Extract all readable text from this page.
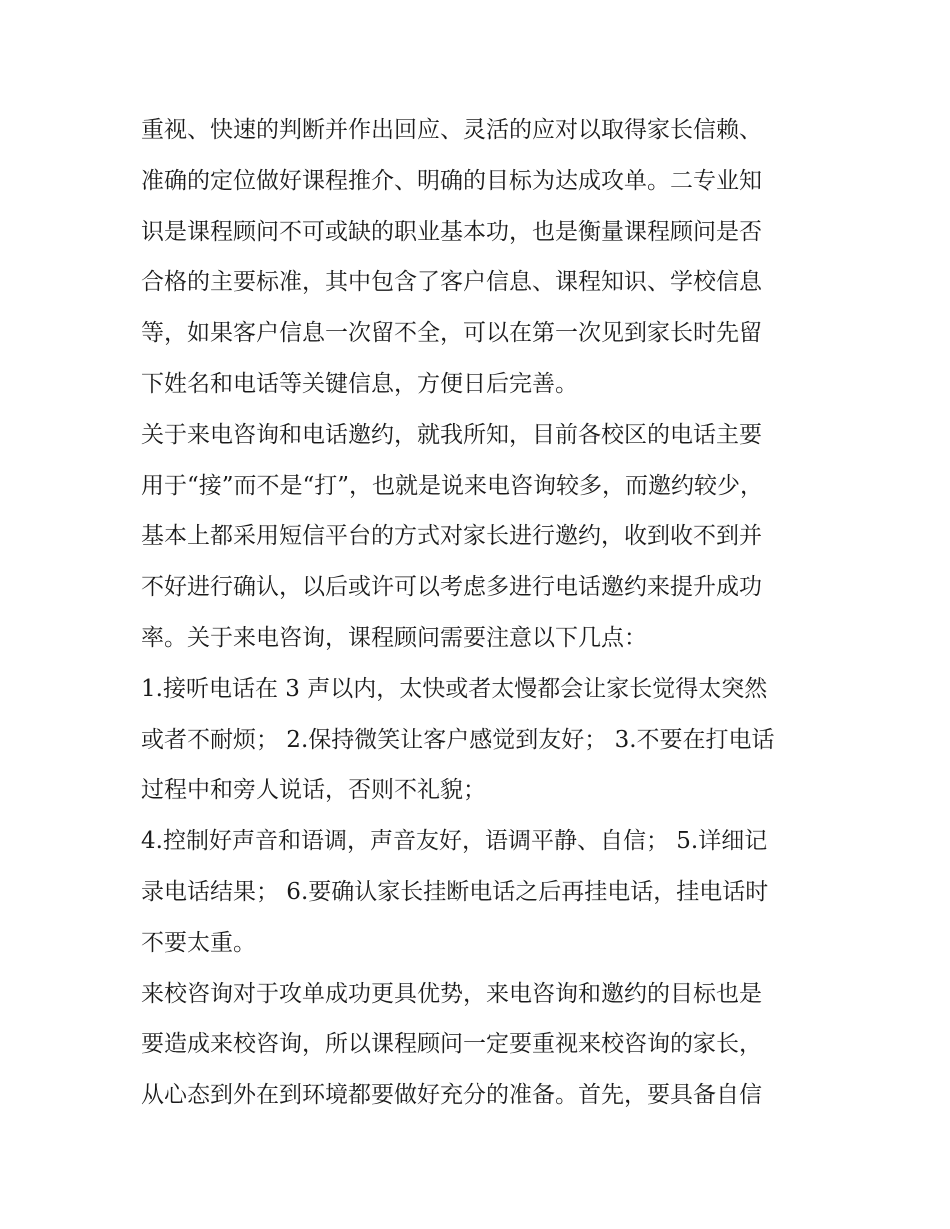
重视、快速的判断并作出回应、灵活的应对以取得家长信赖、
准确的定位做好课程推介、明确的目标为达成攻单。二专业知
识是课程顾问不可或缺的职业基本功，也是衡量课程顾问是否
合格的主要标准，其中包含了客户信息、课程知识、学校信息
等，如果客户信息一次留不全，可以在第一次见到家长时先留
下姓名和电话等关键信息，方便日后完善。
关于来电咨询和电话邀约，就我所知，目前各校区的电话主要
用于“接”而不是“打”，也就是说来电咨询较多，而邀约较少，
基本上都采用短信平台的方式对家长进行邀约，收到收不到并
不好进行确认，以后或许可以考虑多进行电话邀约来提升成功
率。关于来电咨询，课程顾问需要注意以下几点：
1.接听电话在 3 声以内，太快或者太慢都会让家长觉得太突然
或者不耐烦； 2.保持微笑让客户感觉到友好； 3.不要在打电话
过程中和旁人说话，否则不礼貌；
4.控制好声音和语调，声音友好，语调平静、自信； 5.详细记
录电话结果； 6.要确认家长挂断电话之后再挂电话，挂电话时
不要太重。
来校咨询对于攻单成功更具优势，来电咨询和邀约的目标也是
要造成来校咨询，所以课程顾问一定要重视来校咨询的家长，
从心态到外在到环境都要做好充分的准备。首先，要具备自信
